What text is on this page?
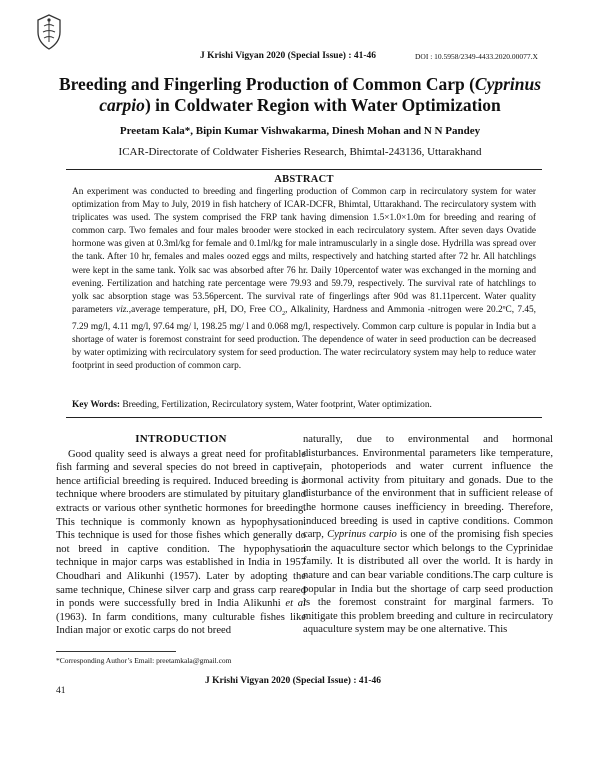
J Krishi Vigyan 2020 (Special Issue) : 41-46	DOI : 10.5958/2349-4433.2020.00077.X
Breeding and Fingerling Production of Common Carp (Cyprinus carpio) in Coldwater Region with Water Optimization
Preetam Kala*, Bipin Kumar Vishwakarma, Dinesh Mohan and N N Pandey
ICAR-Directorate of Coldwater Fisheries Research, Bhimtal-243136, Uttarakhand
ABSTRACT

An experiment was conducted to breeding and fingerling production of Common carp in recirculatory system for water optimization from May to July, 2019 in fish hatchery of ICAR-DCFR, Bhimtal, Uttarakhand. The recirculatory system with triplicates was used. The system comprised the FRP tank having dimension 1.5×1.0×1.0m for breeding and rearing of common carp. Two females and four males brooder were stocked in each recirculatory system. After seven days Ovatide hormone was given at 0.3ml/kg for female and 0.1ml/kg for male intramuscularly in a single dose. Hydrilla was spread over the tank. After 10 hr, females and males oozed eggs and milts, respectively and hatching started after 72 hr. All hatchlings were kept in the same tank. Yolk sac was absorbed after 76 hr. Daily 10percentof water was exchanged in the morning and evening. Fertilization and hatching rate percentage were 79.93 and 59.79, respectively. The survival rate of hatchlings to yolk sac absorption stage was 53.56percent. The survival rate of fingerlings after 90d was 81.11percent. Water quality parameters viz.,average temperature, pH, DO, Free $CO_2$, Alkalinity, Hardness and Ammonia -nitrogen were 20.2ºC, 7.45, 7.29 mg/l, 4.11 mg/l, 97.64 mg/ l, 198.25 mg/ l and 0.068 mg/l, respectively. Common carp culture is popular in India but a shortage of water is foremost constraint for seed production. The dependence of water in seed production can be decreased by water optimizing with recirculatory system for seed production. The water recirculatory system may help to reduce water footprint in seed production of common carp.

Key Words: Breeding, Fertilization, Recirculatory system, Water footprint, Water optimization.
INTRODUCTION

Good quality seed is always a great need for profitable fish farming and several species do not breed in captive; hence artificial breeding is required. Induced breeding is a technique where brooders are stimulated by pituitary gland extracts or various other synthetic hormones for breeding. This technique is commonly known as hypophysation. This technique is used for those fishes which generally do not breed in captive condition. The hypophysation technique in major carps was established in India in 1957 Choudhari and Alikunhi (1957). Later by adopting the same technique, Chinese silver carp and grass carp reared in ponds were successfully bred in India Alikunhi et al (1963). In farm conditions, many culturable fishes like Indian major or exotic carps do not breed

naturally, due to environmental and hormonal disturbances. Environmental parameters like temperature, rain, photoperiods and water current influence the hormonal activity from pituitary and gonads. Due to the disturbance of the environment that in sufficient release of the hormone causes inefficiency in breeding. Therefore, induced breeding is used in captive conditions. Common carp, Cyprinus carpio is one of the promising fish species in the aquaculture sector which belongs to the Cyprinidae family. It is distributed all over the world. It is hardy in nature and can bear variable conditions.The carp culture is popular in India but the shortage of carp seed production is the foremost constraint for marginal farmers. To mitigate this problem breeding and culture in recirculatory aquaculture system may be one alternative. This

*Corresponding Author’s Email: preetamkala@gmail.com
41
J Krishi Vigyan 2020 (Special Issue) : 41-46
